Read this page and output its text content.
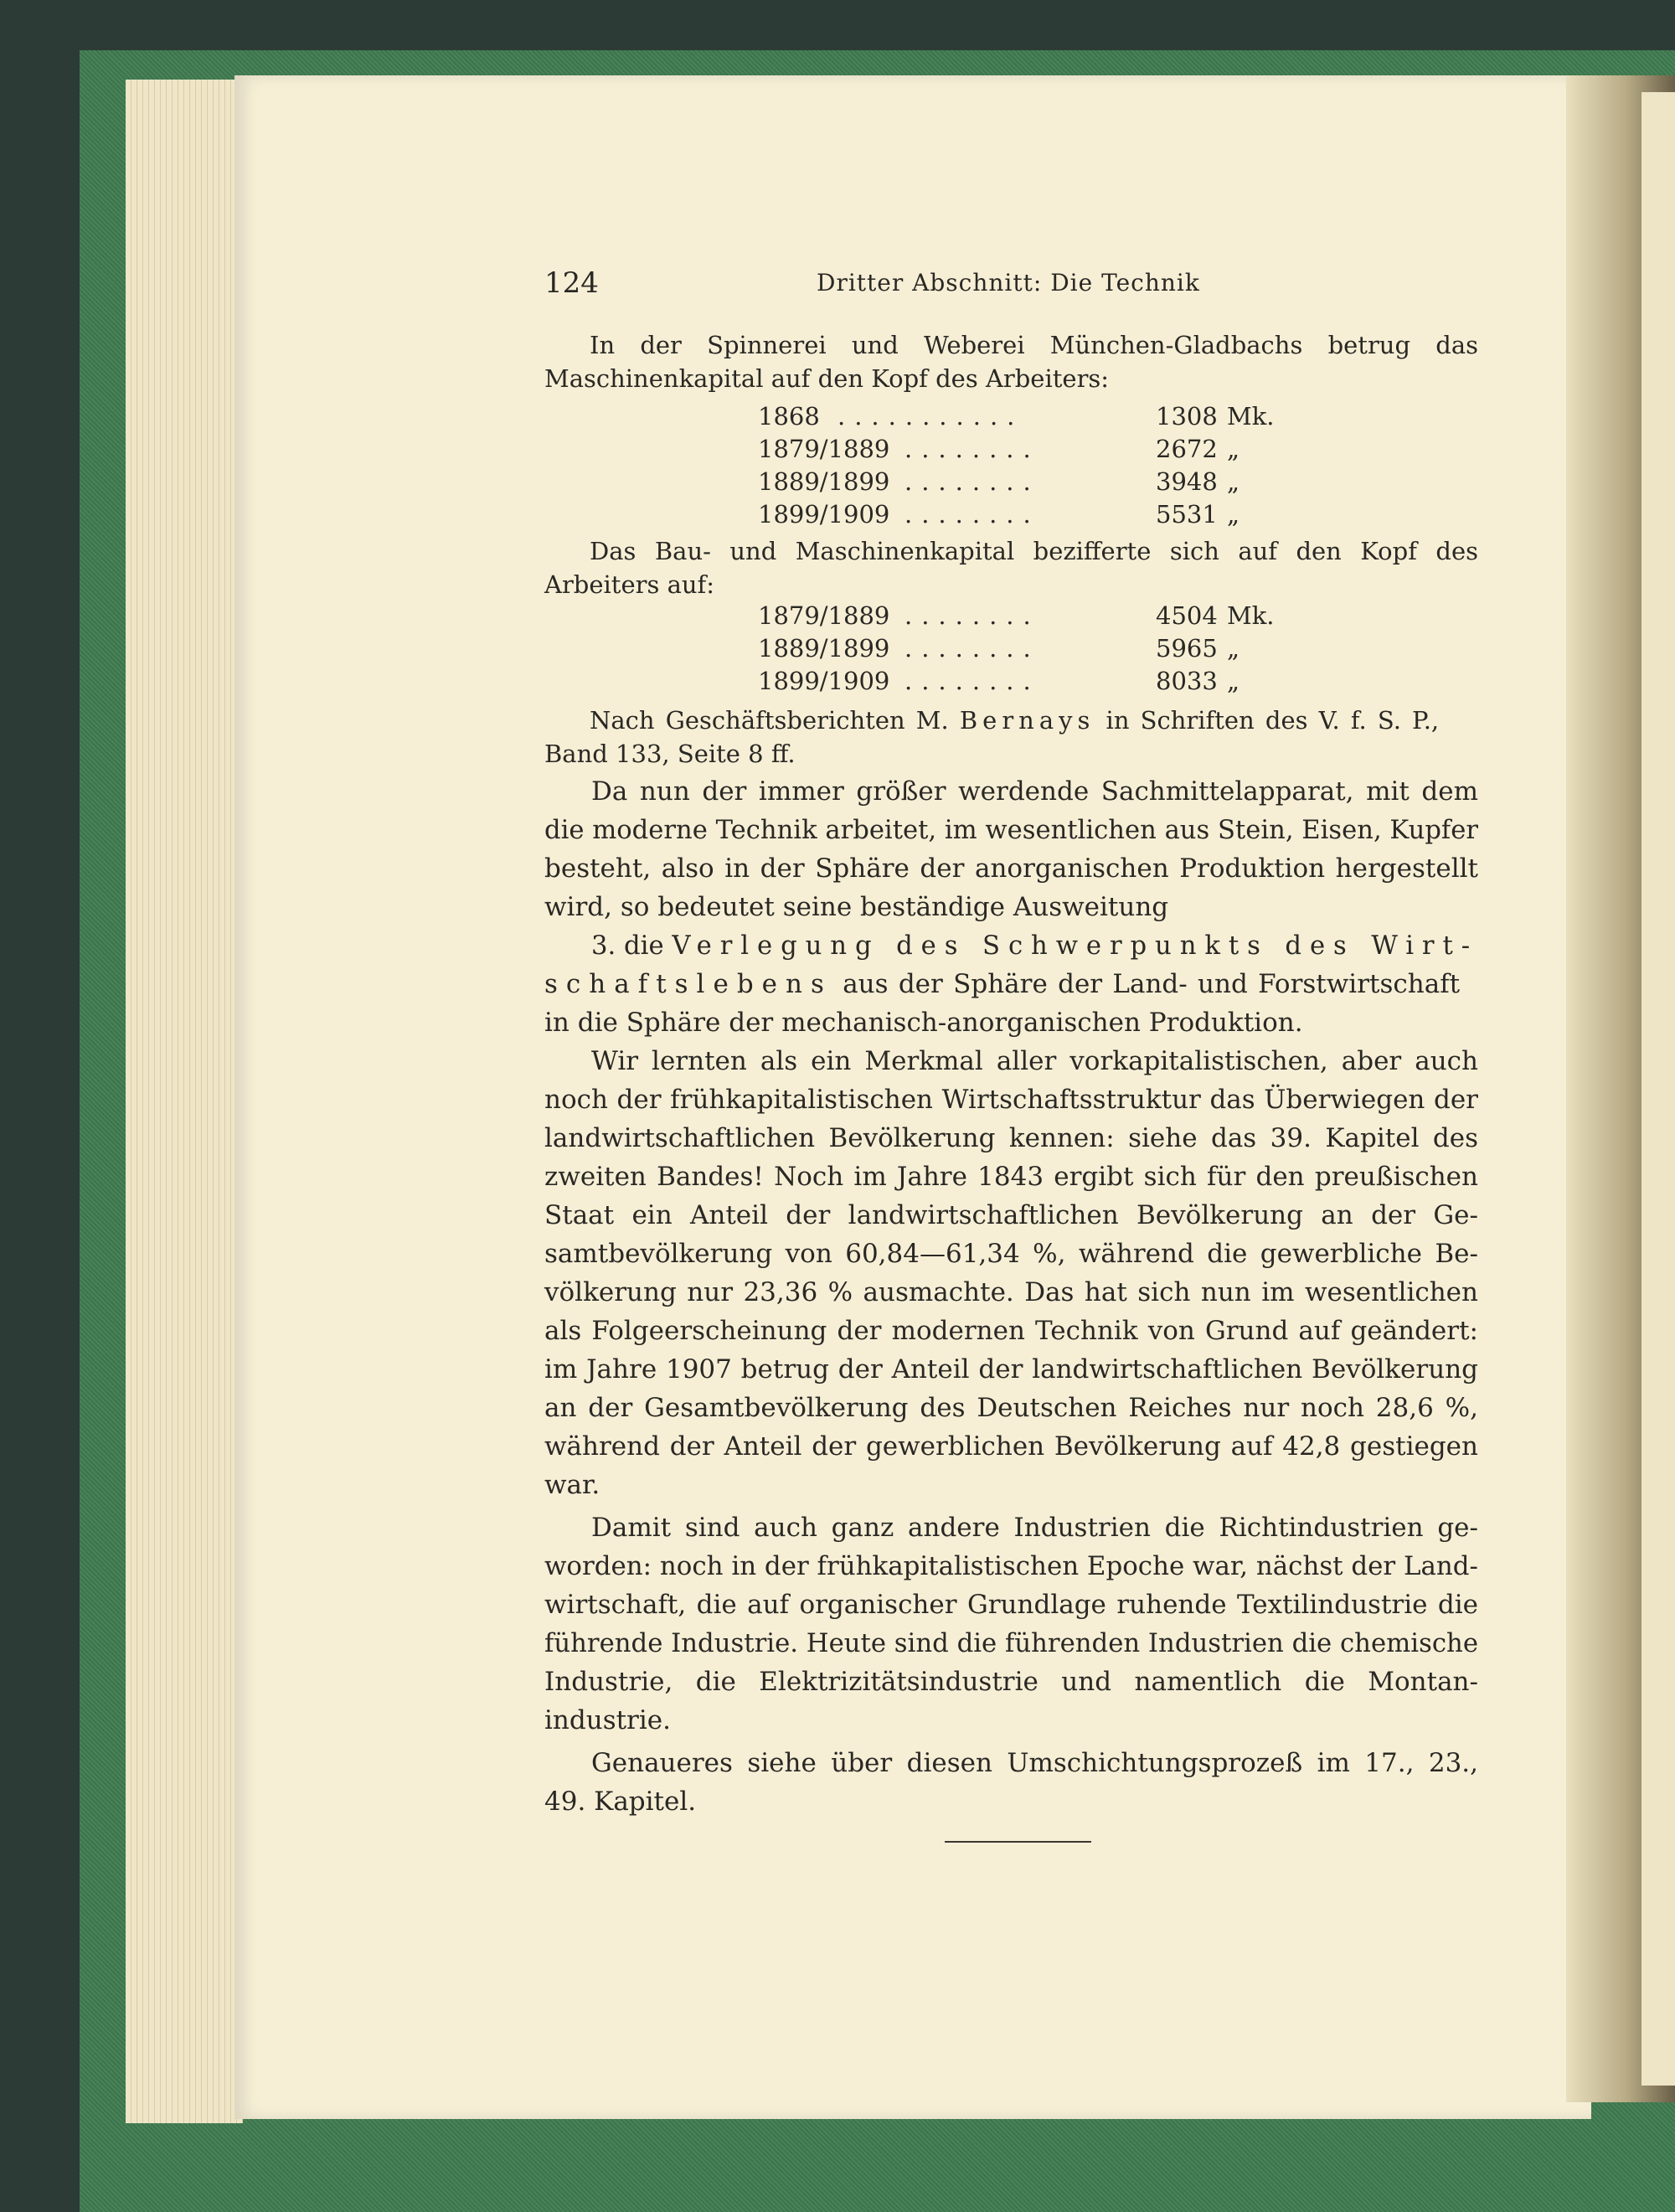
124	Dritter Abschnitt: Die Technik
In der Spinnerei und Weberei München-Gladbachs betrug das
Maschinenkapital auf den Kopf des Arbeiters:
1868 ...........	1308 Mk.
1879/1889 ........	2672 „
1889/1899 ........	3948 „
1899/1909 ........	5531 „
Das Bau- und Maschinenkapital bezifferte sich auf den Kopf des
Arbeiters auf:
1879/1889 ........	4504 Mk.
1889/1899 ........	5965 „
1899/1909 ........	8033 „
Nach Geschäftsberichten M. Bernays in Schriften des V. f. S. P.,
Band 133, Seite 8 ff.
Da nun der immer größer werdende Sachmittelapparat, mit dem
die moderne Technik arbeitet, im wesentlichen aus Stein, Eisen, Kupfer
besteht, also in der Sphäre der anorganischen Produktion hergestellt
wird, so bedeutet seine beständige Ausweitung
3. die Verlegung des Schwerpunkts des Wirt-
schaftslebens aus der Sphäre der Land- und Forstwirtschaft
in die Sphäre der mechanisch-anorganischen Produktion.
Wir lernten als ein Merkmal aller vorkapitalistischen, aber auch
noch der frühkapitalistischen Wirtschaftsstruktur das Überwiegen der
landwirtschaftlichen Bevölkerung kennen: siehe das 39. Kapitel des
zweiten Bandes! Noch im Jahre 1843 ergibt sich für den preußischen
Staat ein Anteil der landwirtschaftlichen Bevölkerung an der Ge-
samtbevölkerung von 60,84—61,34 %, während die gewerbliche Be-
völkerung nur 23,36 % ausmachte. Das hat sich nun im wesentlichen
als Folgeerscheinung der modernen Technik von Grund auf geändert:
im Jahre 1907 betrug der Anteil der landwirtschaftlichen Bevölkerung
an der Gesamtbevölkerung des Deutschen Reiches nur noch 28,6 %,
während der Anteil der gewerblichen Bevölkerung auf 42,8 gestiegen
war.
Damit sind auch ganz andere Industrien die Richtindustrien ge-
worden: noch in der frühkapitalistischen Epoche war, nächst der Land-
wirtschaft, die auf organischer Grundlage ruhende Textilindustrie die
führende Industrie. Heute sind die führenden Industrien die chemische
Industrie, die Elektrizitätsindustrie und namentlich die Montan-
industrie.
Genaueres siehe über diesen Umschichtungsprozeß im 17., 23.,
49. Kapitel.
